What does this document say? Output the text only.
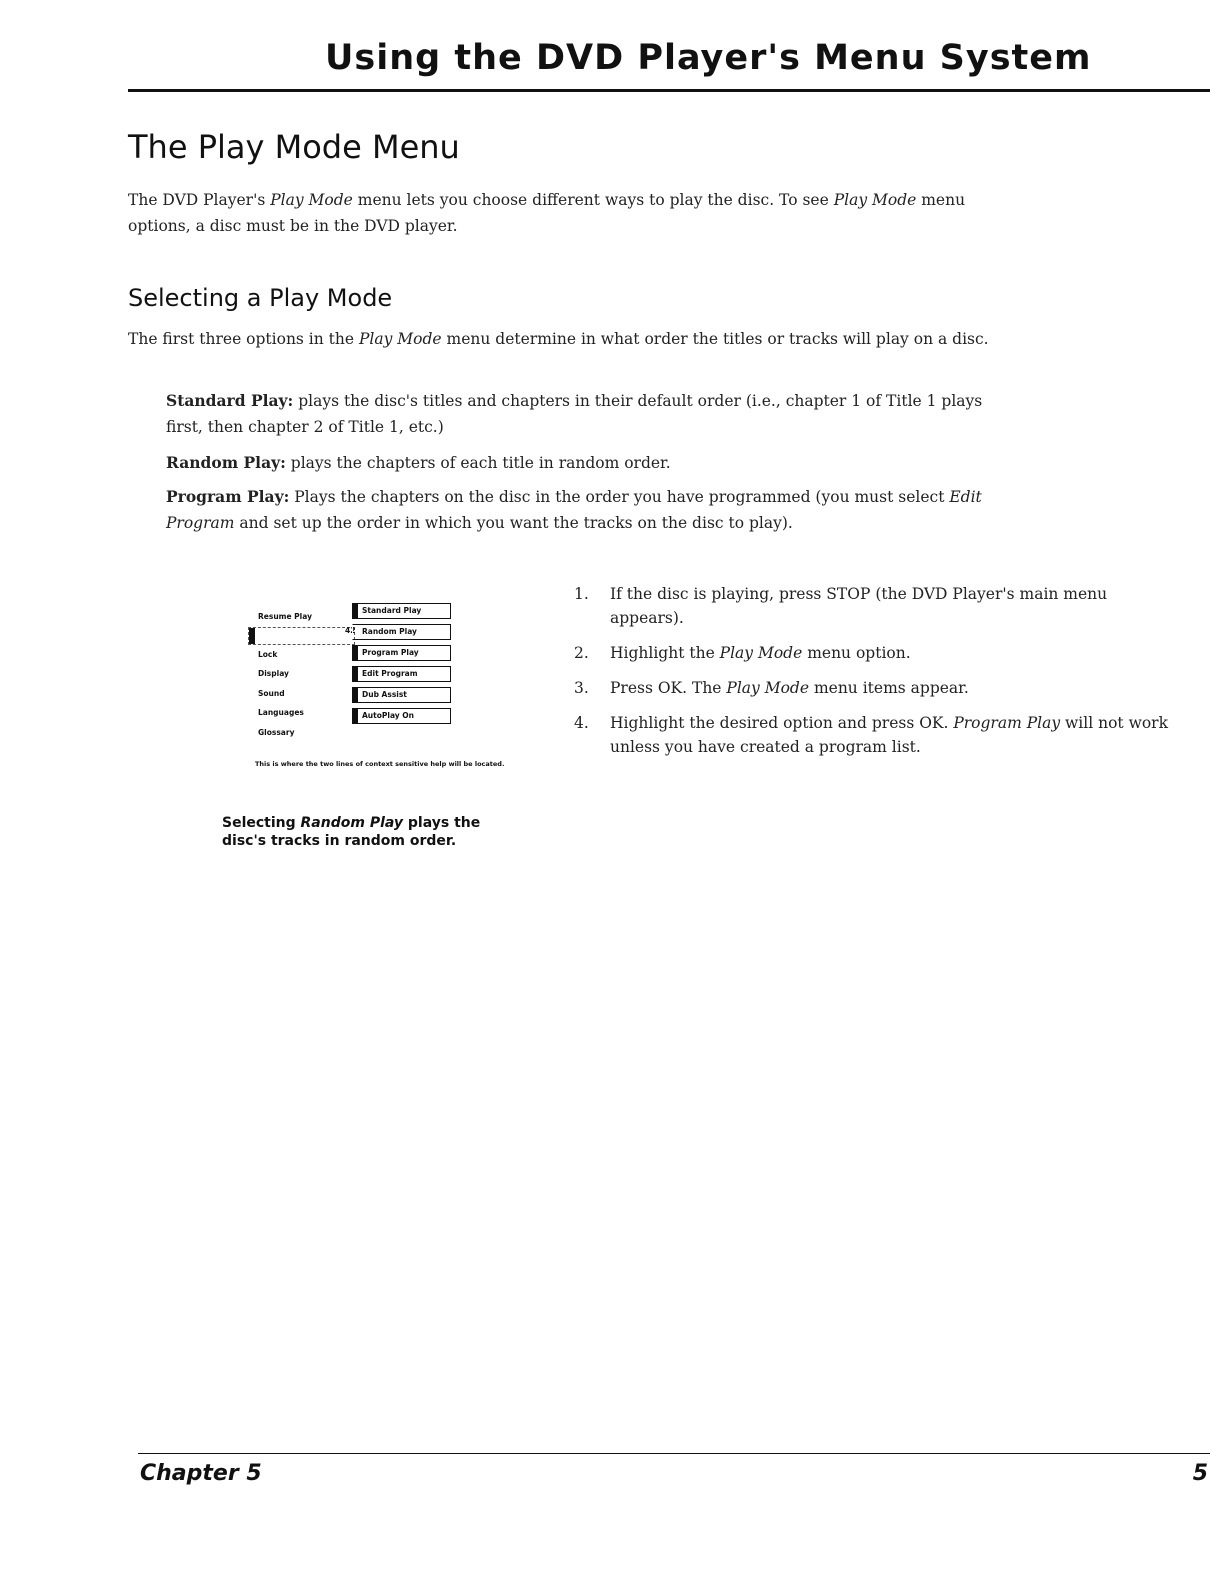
Using the DVD Player's Menu System
The Play Mode Menu

The DVD Player's Play Mode menu lets you choose different ways to play the disc. To see Play Mode menu options, a disc must be in the DVD player.

Selecting a Play Mode

The first three options in the Play Mode menu determine in what order the titles or tracks will play on a disc.

Standard Play: plays the disc's titles and chapters in their default order (i.e., chapter 1 of Title 1 plays first, then chapter 2 of Title 1, etc.)

Random Play: plays the chapters of each title in random order.

Program Play: Plays the chapters on the disc in the order you have programmed (you must select Edit Program and set up the order in which you want the tracks on the disc to play).

Resume Play
Lock
Display
Sound
Languages
Glossary
42
Standard Play
Random Play
Program Play
Edit Program
Dub Assist
AutoPlay On
This is where the two lines of context sensitive help will be located.

Selecting Random Play plays the disc's tracks in random order.

1. If the disc is playing, press STOP (the DVD Player's main menu appears).
2. Highlight the Play Mode menu option.
3. Press OK. The Play Mode menu items appear.
4. Highlight the desired option and press OK. Program Play will not work unless you have created a program list.
Chapter 5	5
